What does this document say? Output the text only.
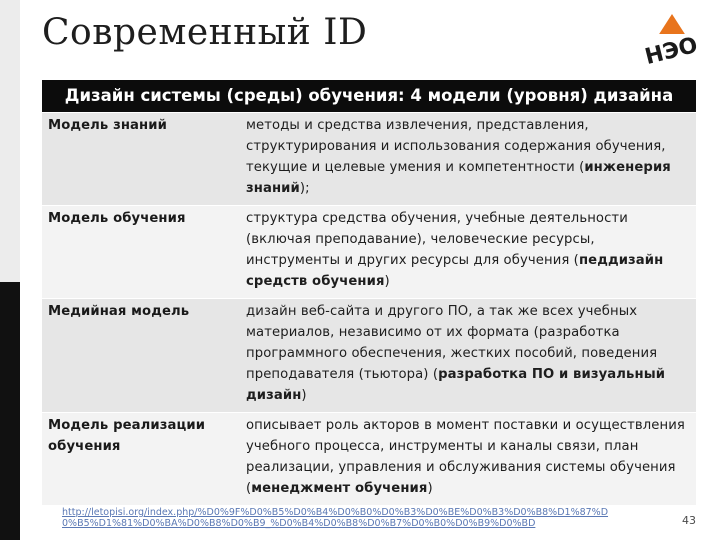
Современный ID	НЭО
Дизайн системы (среды) обучения: 4 модели (уровня) дизайна
Модель знаний	методы и средства извлечения, представления, структурирования и использования содержания обучения, текущие и целевые умения и компетентности (инженерия знаний);
Модель обучения	структура средства обучения, учебные деятельности (включая преподавание), человеческие ресурсы, инструменты и других ресурсы для обучения (педдизайн средств обучения)
Медийная модель	дизайн веб-сайта и другого ПО, а так же всех учебных материалов, независимо от их формата (разработка программного обеспечения, жестких пособий, поведения преподавателя (тьютора) (разработка ПО и визуальный дизайн)
Модель реализации обучения	описывает роль акторов в момент поставки и осуществления учебного процесса, инструменты и каналы связи, план реализации, управления и обслуживания системы обучения (менеджмент обучения)
http://letopisi.org/index.php/%D0%9F%D0%B5%D0%B4%D0%B0%D0%B3%D0%BE%D0%B3%D0%B8%D1%87%D0%B5%D1%81%D0%BA%D0%B8%D0%B9_%D0%B4%D0%B8%D0%B7%D0%B0%D0%B9%D0%BD	43
